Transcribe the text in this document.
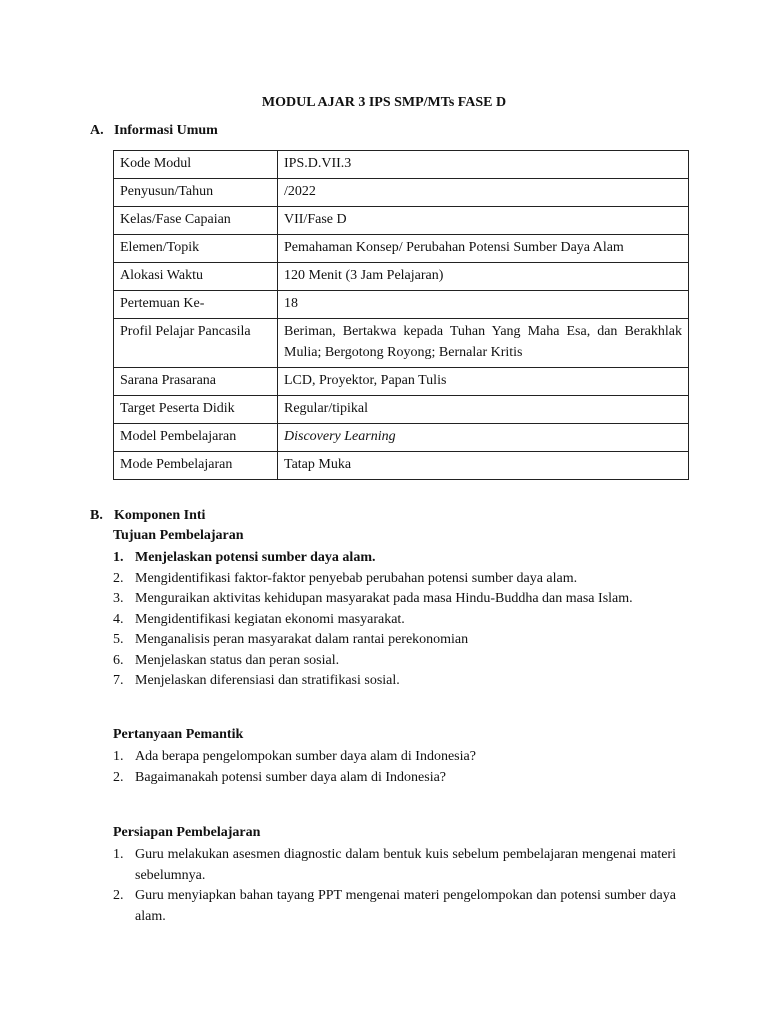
MODUL AJAR 3 IPS SMP/MTs FASE D
A. Informasi Umum
Kode Modul	IPS.D.VII.3
Penyusun/Tahun	/2022
Kelas/Fase Capaian	VII/Fase D
Elemen/Topik	Pemahaman Konsep/ Perubahan Potensi Sumber Daya Alam
Alokasi Waktu	120 Menit (3 Jam Pelajaran)
Pertemuan Ke-	18
Profil Pelajar Pancasila	Beriman, Bertakwa kepada Tuhan Yang Maha Esa, dan Berakhlak Mulia; Bergotong Royong; Bernalar Kritis
Sarana Prasarana	LCD, Proyektor, Papan Tulis
Target Peserta Didik	Regular/tipikal
Model Pembelajaran	Discovery Learning
Mode Pembelajaran	Tatap Muka
B. Komponen Inti
Tujuan Pembelajaran
1. Menjelaskan potensi sumber daya alam.
2. Mengidentifikasi faktor-faktor penyebab perubahan potensi sumber daya alam.
3. Menguraikan aktivitas kehidupan masyarakat pada masa Hindu-Buddha dan masa Islam.
4. Mengidentifikasi kegiatan ekonomi masyarakat.
5. Menganalisis peran masyarakat dalam rantai perekonomian
6. Menjelaskan status dan peran sosial.
7. Menjelaskan diferensiasi dan stratifikasi sosial.
Pertanyaan Pemantik
1. Ada berapa pengelompokan sumber daya alam di Indonesia?
2. Bagaimanakah potensi sumber daya alam di Indonesia?
Persiapan Pembelajaran
1. Guru melakukan asesmen diagnostic dalam bentuk kuis sebelum pembelajaran mengenai materi sebelumnya.
2. Guru menyiapkan bahan tayang PPT mengenai materi pengelompokan dan potensi sumber daya alam.
